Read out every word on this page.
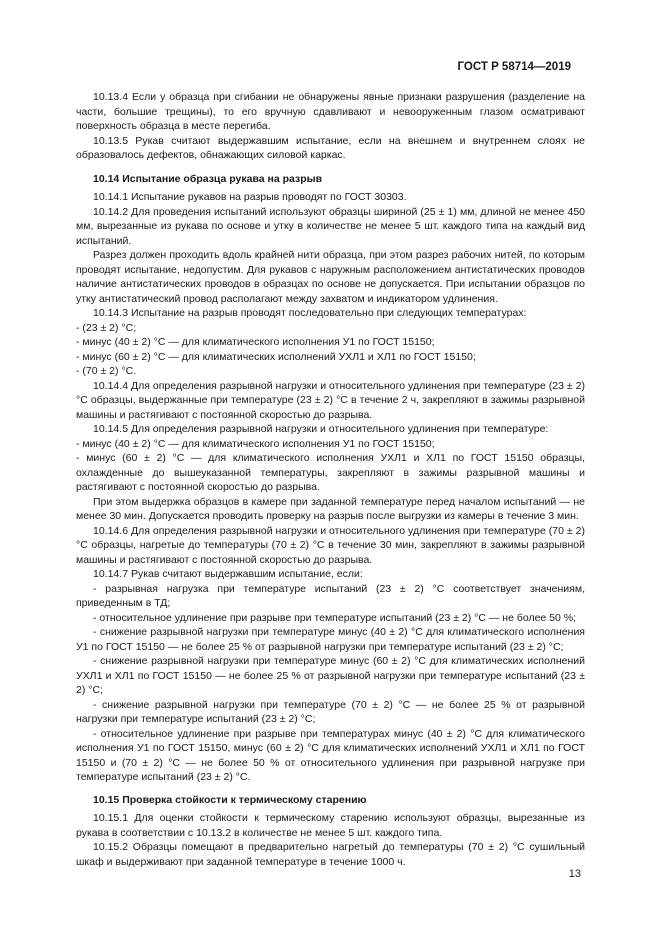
ГОСТ Р 58714—2019

10.13.4 Если у образца при сгибании не обнаружены явные признаки разрушения (разделение на части, большие трещины), то его вручную сдавливают и невооруженным глазом осматривают поверхность образца в месте перегиба.

10.13.5 Рукав считают выдержавшим испытание, если на внешнем и внутреннем слоях не образовалось дефектов, обнажающих силовой каркас.

10.14 Испытание образца рукава на разрыв

10.14.1 Испытание рукавов на разрыв проводят по ГОСТ 30303.

10.14.2 Для проведения испытаний используют образцы шириной (25 ± 1) мм, длиной не менее 450 мм, вырезанные из рукава по основе и утку в количестве не менее 5 шт. каждого типа на каждый вид испытаний.

Разрез должен проходить вдоль крайней нити образца, при этом разрез рабочих нитей, по которым проводят испытание, недопустим. Для рукавов с наружным расположением антистатических проводов наличие антистатических проводов в образцах по основе не допускается. При испытании образцов по утку антистатический провод располагают между захватом и индикатором удлинения.

10.14.3 Испытание на разрыв проводят последовательно при следующих температурах:

- (23 ± 2) °С;

- минус (40 ± 2) °С — для климатического исполнения У1 по ГОСТ 15150;

- минус (60 ± 2) °С — для климатических исполнений УХЛ1 и ХЛ1 по ГОСТ 15150;

- (70 ± 2) °С.

10.14.4 Для определения разрывной нагрузки и относительного удлинения при температуре (23 ± 2) °С образцы, выдержанные при температуре (23 ± 2) °С в течение 2 ч, закрепляют в зажимы разрывной машины и растягивают с постоянной скоростью до разрыва.

10.14.5 Для определения разрывной нагрузки и относительного удлинения при температуре:

- минус (40 ± 2) °С — для климатического исполнения У1 по ГОСТ 15150;

- минус (60 ± 2) °С — для климатического исполнения УХЛ1 и ХЛ1 по ГОСТ 15150 образцы, охлажденные до вышеуказанной температуры, закрепляют в зажимы разрывной машины и растягивают с постоянной скоростью до разрыва.

При этом выдержка образцов в камере при заданной температуре перед началом испытаний — не менее 30 мин. Допускается проводить проверку на разрыв после выгрузки из камеры в течение 3 мин.

10.14.6 Для определения разрывной нагрузки и относительного удлинения при температуре (70 ± 2) °С образцы, нагретые до температуры (70 ± 2) °С в течение 30 мин, закрепляют в зажимы разрывной машины и растягивают с постоянной скоростью до разрыва.

10.14.7 Рукав считают выдержавшим испытание, если:

- разрывная нагрузка при температуре испытаний (23 ± 2) °С соответствует значениям, приведенным в ТД;

- относительное удлинение при разрыве при температуре испытаний (23 ± 2) °С — не более 50 %;

- снижение разрывной нагрузки при температуре минус (40 ± 2) °С для климатического исполнения У1 по ГОСТ 15150 — не более 25 % от разрывной нагрузки при температуре испытаний (23 ± 2) °С;

- снижение разрывной нагрузки при температуре минус (60 ± 2) °С для климатических исполнений УХЛ1 и ХЛ1 по ГОСТ 15150 — не более 25 % от разрывной нагрузки при температуре испытаний (23 ± 2) °С;

- снижение разрывной нагрузки при температуре (70 ± 2) °С — не более 25 % от разрывной нагрузки при температуре испытаний (23 ± 2) °С;

- относительное удлинение при разрыве при температурах минус (40 ± 2) °С для климатического исполнения У1 по ГОСТ 15150, минус (60 ± 2) °С для климатических исполнений УХЛ1 и ХЛ1 по ГОСТ 15150 и (70 ± 2) °С — не более 50 % от относительного удлинения при разрывной нагрузке при температуре испытаний (23 ± 2) °С.

10.15 Проверка стойкости к термическому старению

10.15.1 Для оценки стойкости к термическому старению используют образцы, вырезанные из рукава в соответствии с 10.13.2 в количестве не менее 5 шт. каждого типа.

10.15.2 Образцы помещают в предварительно нагретый до температуры (70 ± 2) °С сушильный шкаф и выдерживают при заданной температуре в течение 1000 ч.

13
